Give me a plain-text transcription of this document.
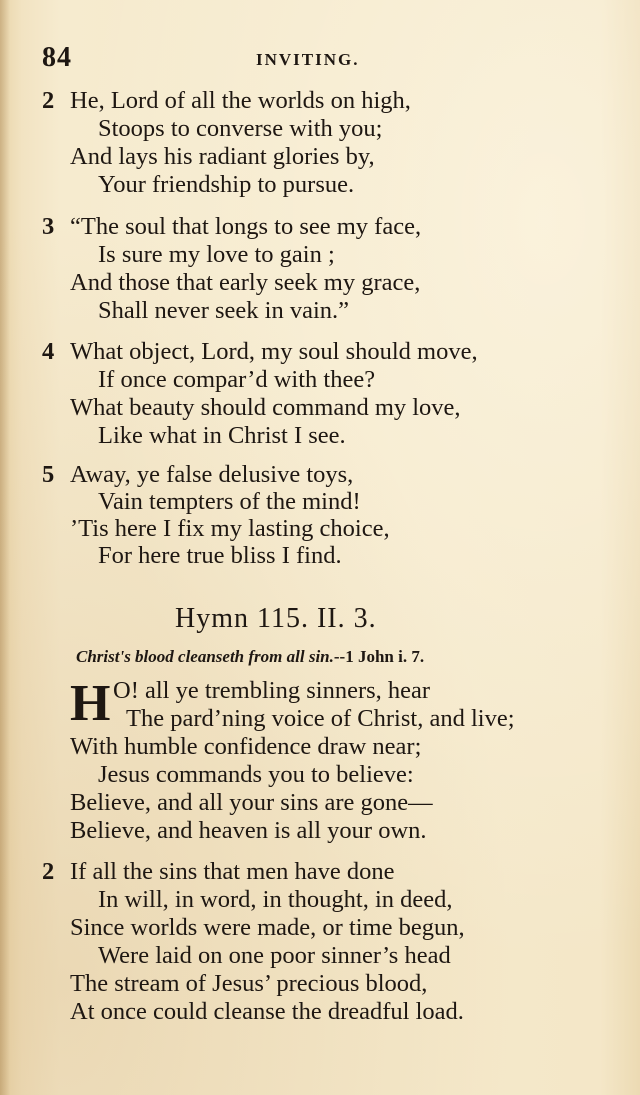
84	INVITING.
2 He, Lord of all the worlds on high,
Stoops to converse with you;
And lays his radiant glories by,
Your friendship to pursue.
3 “The soul that longs to see my face,
Is sure my love to gain ;
And those that early seek my grace,
Shall never seek in vain.”
4 What object, Lord, my soul should move,
If once compar’d with thee?
What beauty should command my love,
Like what in Christ I see.
5 Away, ye false delusive toys,
Vain tempters of the mind!
’Tis here I fix my lasting choice,
For here true bliss I find.
Hymn 115. II. 3.
Christ's blood cleanseth from all sin.--1 John i. 7.
H O! all ye trembling sinners, hear
The pard’ning voice of Christ, and live;
With humble confidence draw near;
Jesus commands you to believe:
Believe, and all your sins are gone—
Believe, and heaven is all your own.
2 If all the sins that men have done
In will, in word, in thought, in deed,
Since worlds were made, or time begun,
Were laid on one poor sinner’s head
The stream of Jesus’ precious blood,
At once could cleanse the dreadful load.
